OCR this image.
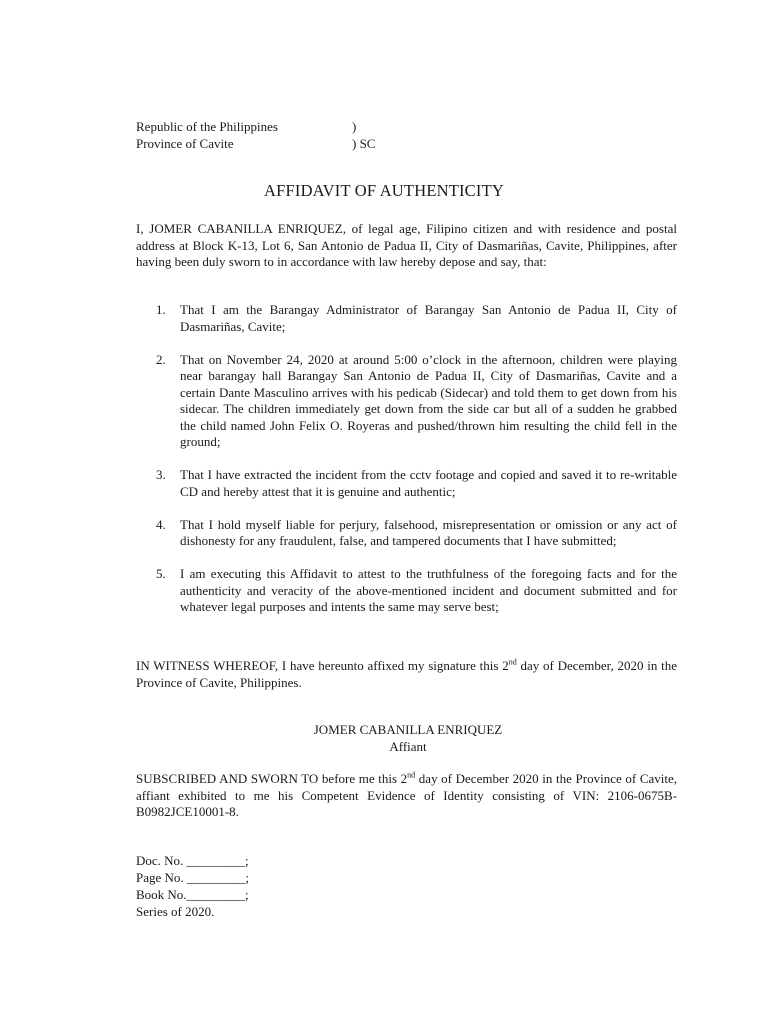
Republic of the Philippines	)
Province of Cavite	) SC
AFFIDAVIT OF AUTHENTICITY
I, JOMER CABANILLA ENRIQUEZ, of legal age, Filipino citizen and with residence and postal address at Block K-13, Lot 6, San Antonio de Padua II, City of Dasmariñas, Cavite, Philippines, after having been duly sworn to in accordance with law hereby depose and say, that:
1. That I am the Barangay Administrator of Barangay San Antonio de Padua II, City of Dasmariñas, Cavite;
2. That on November 24, 2020 at around 5:00 o’clock in the afternoon, children were playing near barangay hall Barangay San Antonio de Padua II, City of Dasmariñas, Cavite and a certain Dante Masculino arrives with his pedicab (Sidecar) and told them to get down from his sidecar. The children immediately get down from the side car but all of a sudden he grabbed the child named John Felix O. Royeras and pushed/thrown him resulting the child fell in the ground;
3. That I have extracted the incident from the cctv footage and copied and saved it to re-writable CD and hereby attest that it is genuine and authentic;
4. That I hold myself liable for perjury, falsehood, misrepresentation or omission or any act of dishonesty for any fraudulent, false, and tampered documents that I have submitted;
5. I am executing this Affidavit to attest to the truthfulness of the foregoing facts and for the authenticity and veracity of the above-mentioned incident and document submitted and for whatever legal purposes and intents the same may serve best;
IN WITNESS WHEREOF, I have hereunto affixed my signature this 2nd day of December, 2020 in the Province of Cavite, Philippines.
JOMER CABANILLA ENRIQUEZ
Affiant
SUBSCRIBED AND SWORN TO before me this 2nd day of December 2020 in the Province of Cavite, affiant exhibited to me his Competent Evidence of Identity consisting of VIN: 2106-0675B-B0982JCE10001-8.
Doc. No. _________;
Page No. _________;
Book No._________;
Series of 2020.
